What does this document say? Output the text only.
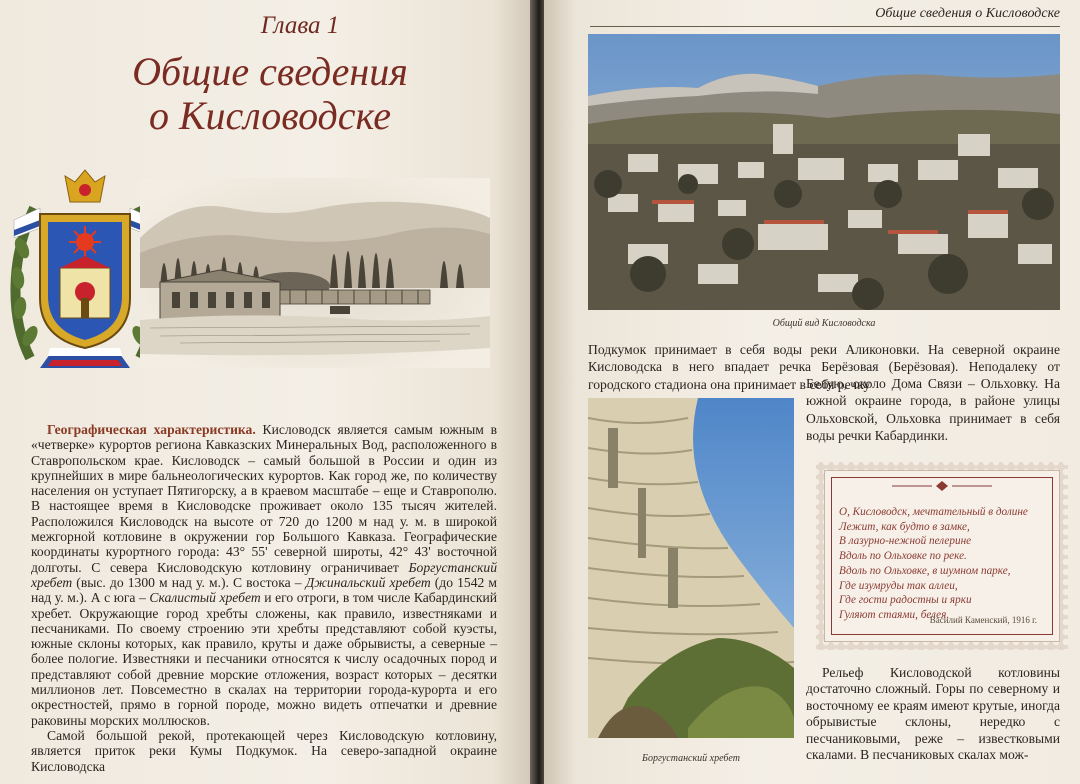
Глава 1
Общие сведения
о Кисловодске

Географическая характеристика. Кисловодск является самым южным в «четверке» курортов региона Кавказских Минеральных Вод, расположенного в Ставропольском крае. Кисловодск – самый большой в России и один из крупнейших в мире бальнеологических курортов. Как город же, по количеству населения он уступает Пятигорску, а в краевом масштабе – еще и Ставрополю. В настоящее время в Кисловодске проживает около 135 тысяч жителей. Расположился Кисловодск на высоте от 720 до 1200 м над у. м. в широкой межгорной котловине в окружении гор Большого Кавказа. Географические координаты курортного города: 43° 55' северной широты, 42° 43' восточной долготы. С севера Кисловодскую котловину ограничивает Боргустанский хребет (выс. до 1300 м над у. м.). С востока – Джинальский хребет (до 1542 м над у. м.). А с юга – Скалистый хребет и его отроги, в том числе Кабардинский хребет. Окружающие город хребты сложены, как правило, известняками и песчаниками. По своему строению эти хребты представляют собой куэсты, южные склоны которых, как правило, круты и даже обрывисты, а северные – более пологие. Известняки и песчаники относятся к числу осадочных пород и представляют собой древние морские отложения, возраст которых – десятки миллионов лет. Повсеместно в скалах на территории города-курорта и его окрестностей, прямо в горной породе, можно видеть отпечатки и древние раковины морских моллюсков.

Самой большой рекой, протекающей через Кисловодскую котловину, является приток реки Кумы Подкумок. На северо-западной окраине Кисловодска

Общие сведения о Кисловодске
Общий вид Кисловодска

Подкумок принимает в себя воды реки Аликоновки. На северной окраине Кисловодска в него впадает речка Берёзовая (Берёзовая). Неподалеку от городского стадиона она принимает в себя речку

Боргустанский хребет
Белую, около Дома Связи – Ольховку. На южной окраине города, в районе улицы Ольховской, Ольховка принимает в себя воды речки Кабардинки.
О, Кисловодск, мечтательный в долине
Лежит, как будто в замке,
В лазурно-нежной пелерине
Вдоль по Ольховке по реке.
Вдоль по Ольховке, в шумном парке,
Где изумруды так аллеи,
Где гости радостны и ярки
Гуляют стаями, белея.
Василий Каменский, 1916 г.

Рельеф Кисловодской котловины достаточно сложный. Горы по северному и восточному ее краям имеют крутые, иногда обрывистые склоны, нередко с песчаниковыми, реже – известковыми скалами. В песчаниковых скалах мож-
